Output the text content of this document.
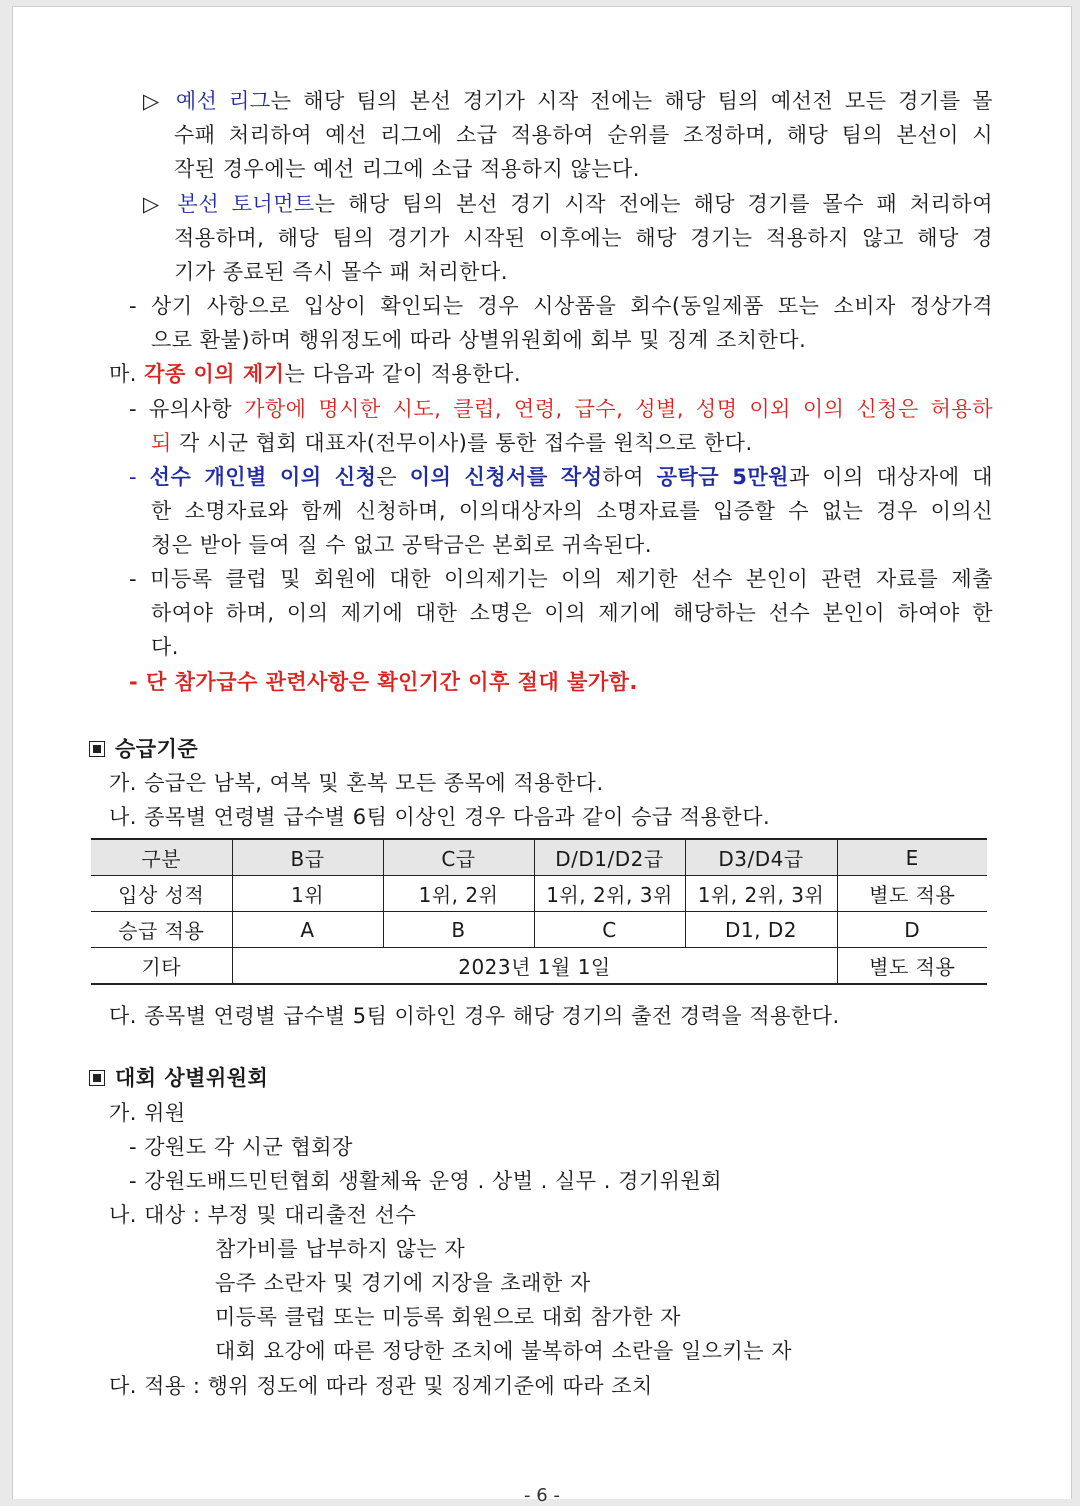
▷ 예선 리그는 해당 팀의 본선 경기가 시작 전에는 해당 팀의 예선전 모든 경기를 몰
수패 처리하여 예선 리그에 소급 적용하여 순위를 조정하며, 해당 팀의 본선이 시
작된 경우에는 예선 리그에 소급 적용하지 않는다.
▷ 본선 토너먼트는 해당 팀의 본선 경기 시작 전에는 해당 경기를 몰수 패 처리하여
적용하며, 해당 팀의 경기가 시작된 이후에는 해당 경기는 적용하지 않고 해당 경
기가 종료된 즉시 몰수 패 처리한다.
- 상기 사항으로 입상이 확인되는 경우 시상품을 회수(동일제품 또는 소비자 정상가격
으로 환불)하며 행위정도에 따라 상별위원회에 회부 및 징계 조치한다.
마. 각종 이의 제기는 다음과 같이 적용한다.
- 유의사항 가항에 명시한 시도, 클럽, 연령, 급수, 성별, 성명 이외 이의 신청은 허용하
되 각 시군 협회 대표자(전무이사)를 통한 접수를 원칙으로 한다.
- 선수 개인별 이의 신청은 이의 신청서를 작성하여 공탁금 5만원과 이의 대상자에 대
한 소명자료와 함께 신청하며, 이의대상자의 소명자료를 입증할 수 없는 경우 이의신
청은 받아 들여 질 수 없고 공탁금은 본회로 귀속된다.
- 미등록 클럽 및 회원에 대한 이의제기는 이의 제기한 선수 본인이 관련 자료를 제출
하여야 하며, 이의 제기에 대한 소명은 이의 제기에 해당하는 선수 본인이 하여야 한
다.
- 단 참가급수 관련사항은 확인기간 이후 절대 불가함.
승급기준
가. 승급은 남복, 여복 및 혼복 모든 종목에 적용한다.
나. 종목별 연령별 급수별 6팀 이상인 경우 다음과 같이 승급 적용한다.
구분	B급	C급	D/D1/D2급	D3/D4급	E
입상 성적	1위	1위, 2위	1위, 2위, 3위	1위, 2위, 3위	별도 적용
승급 적용	A	B	C	D1, D2	D
기타	2023년 1월 1일				별도 적용
다. 종목별 연령별 급수별 5팀 이하인 경우 해당 경기의 출전 경력을 적용한다.
대회 상별위원회
가. 위원
- 강원도 각 시군 협회장
- 강원도배드민턴협회 생활체육 운영 . 상벌 . 실무 . 경기위원회
나. 대상 : 부정 및 대리출전 선수
참가비를 납부하지 않는 자
음주 소란자 및 경기에 지장을 초래한 자
미등록 클럽 또는 미등록 회원으로 대회 참가한 자
대회 요강에 따른 정당한 조치에 불복하여 소란을 일으키는 자
다. 적용 : 행위 정도에 따라 정관 및 징계기준에 따라 조치
- 6 -
